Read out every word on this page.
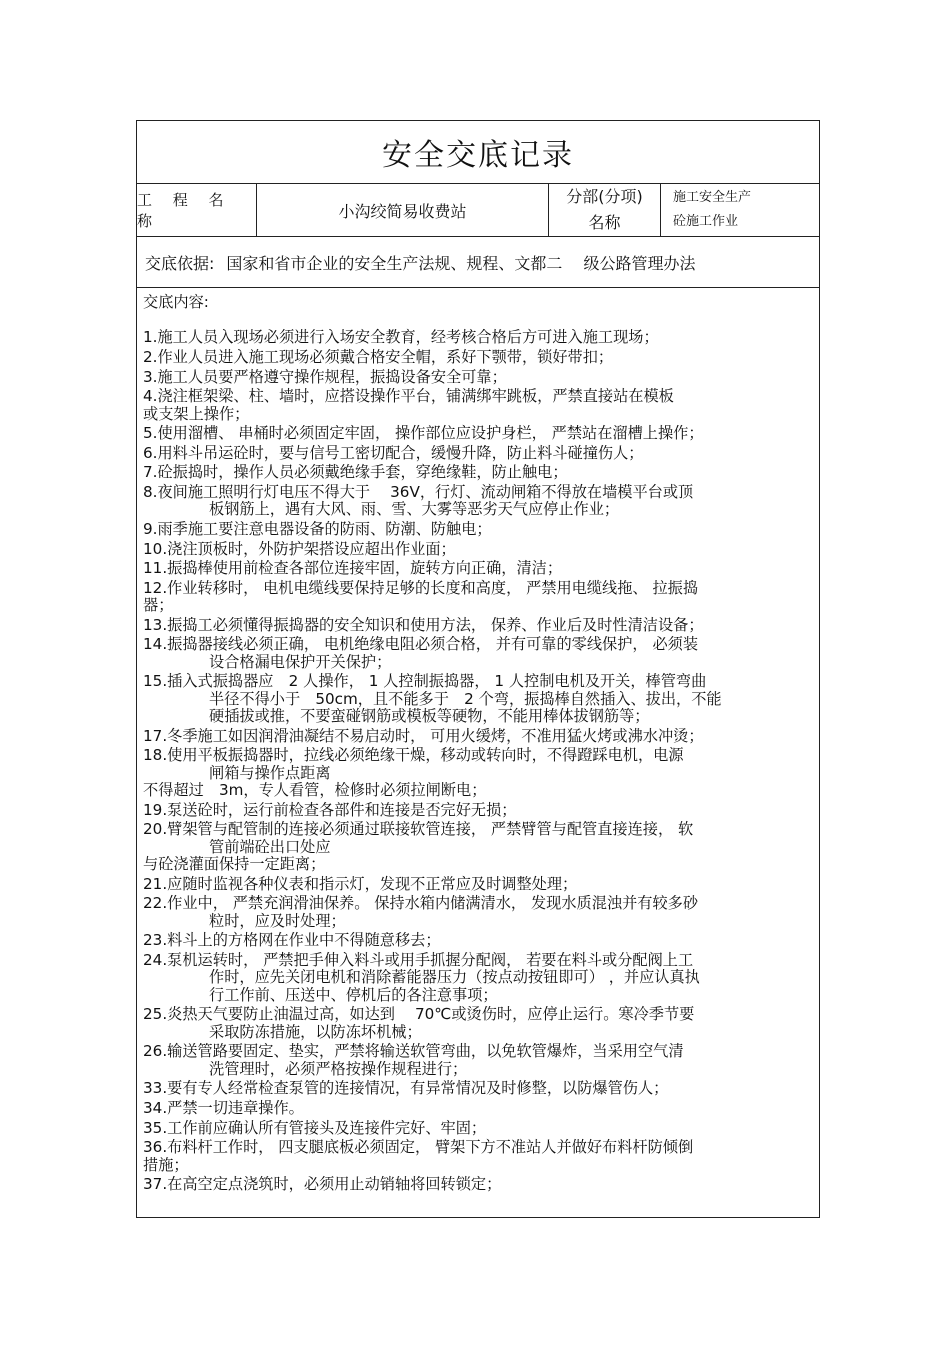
安全交底记录
工 程 名 称
小沟绞简易收费站
分部(分项)
名称
施工安全生产
砼施工作业
交底依据: 国家和省市企业的安全生产法规、规程、文都二　 级公路管理办法
交底内容:
1.施工人员入现场必须进行入场安全教育，经考核合格后方可进入施工现场；
2.作业人员进入施工现场必须戴合格安全帽，系好下颚带，锁好带扣；
3.施工人员要严格遵守操作规程，振捣设备安全可靠；
4.浇注框架梁、柱、墙时，应搭设操作平台，铺满绑牢跳板，严禁直接站在模板
或支架上操作；
5.使用溜槽、 串桶时必须固定牢固， 操作部位应设护身栏， 严禁站在溜槽上操作；
6.用料斗吊运砼时，要与信号工密切配合，缓慢升降，防止料斗碰撞伤人；
7.砼振捣时，操作人员必须戴绝缘手套，穿绝缘鞋，防止触电；
8.夜间施工照明行灯电压不得大于　 36V，行灯、流动闸箱不得放在墙模平台或顶
板钢筋上，遇有大风、雨、雪、大雾等恶劣天气应停止作业；
9.雨季施工要注意电器设备的防雨、防潮、防触电；
10.浇注顶板时，外防护架搭设应超出作业面；
11.振捣棒使用前检查各部位连接牢固，旋转方向正确，清洁；
12.作业转移时， 电机电缆线要保持足够的长度和高度， 严禁用电缆线拖、 拉振捣
器；
13.振捣工必须懂得振捣器的安全知识和使用方法， 保养、作业后及时性清洁设备；
14.振捣器接线必须正确， 电机绝缘电阻必须合格， 并有可靠的零线保护， 必须装
设合格漏电保护开关保护；
15.插入式振捣器应　2 人操作， 1 人控制振捣器， 1 人控制电机及开关，棒管弯曲
半径不得小于　50cm，且不能多于　2 个弯，振捣棒自然插入、拔出，不能
硬插拔或推，不要蛮碰钢筋或模板等硬物，不能用棒体拔钢筋等；
17.冬季施工如因润滑油凝结不易启动时， 可用火缓烤，不准用猛火烤或沸水冲烫；
18.使用平板振捣器时，拉线必须绝缘干燥，移动或转向时，不得蹬踩电机，电源
闸箱与操作点距离
不得超过　3m，专人看管，检修时必须拉闸断电；
19.泵送砼时，运行前检查各部件和连接是否完好无损；
20.臂架管与配管制的连接必须通过联接软管连接， 严禁臂管与配管直接连接， 软
管前端砼出口处应
与砼浇灌面保持一定距离；
21.应随时监视各种仪表和指示灯，发现不正常应及时调整处理；
22.作业中， 严禁充润滑油保养。 保持水箱内储满清水， 发现水质混浊并有较多砂
粒时，应及时处理；
23.料斗上的方格网在作业中不得随意移去；
24.泵机运转时， 严禁把手伸入料斗或用手抓握分配阀， 若要在料斗或分配阀上工
作时，应先关闭电机和消除蓄能器压力（按点动按钮即可） ，并应认真执
行工作前、压送中、停机后的各注意事项；
25.炎热天气要防止油温过高，如达到　 70℃或烫伤时，应停止运行。寒冷季节要
采取防冻措施，以防冻坏机械；
26.输送管路要固定、垫实，严禁将输送软管弯曲，以免软管爆炸，当采用空气清
洗管理时，必须严格按操作规程进行；
33.要有专人经常检查泵管的连接情况，有异常情况及时修整，以防爆管伤人；
34.严禁一切违章操作。
35.工作前应确认所有管接头及连接件完好、牢固；
36.布料杆工作时， 四支腿底板必须固定， 臂架下方不准站人并做好布料杆防倾倒
措施；
37.在高空定点浇筑时，必须用止动销轴将回转锁定；
